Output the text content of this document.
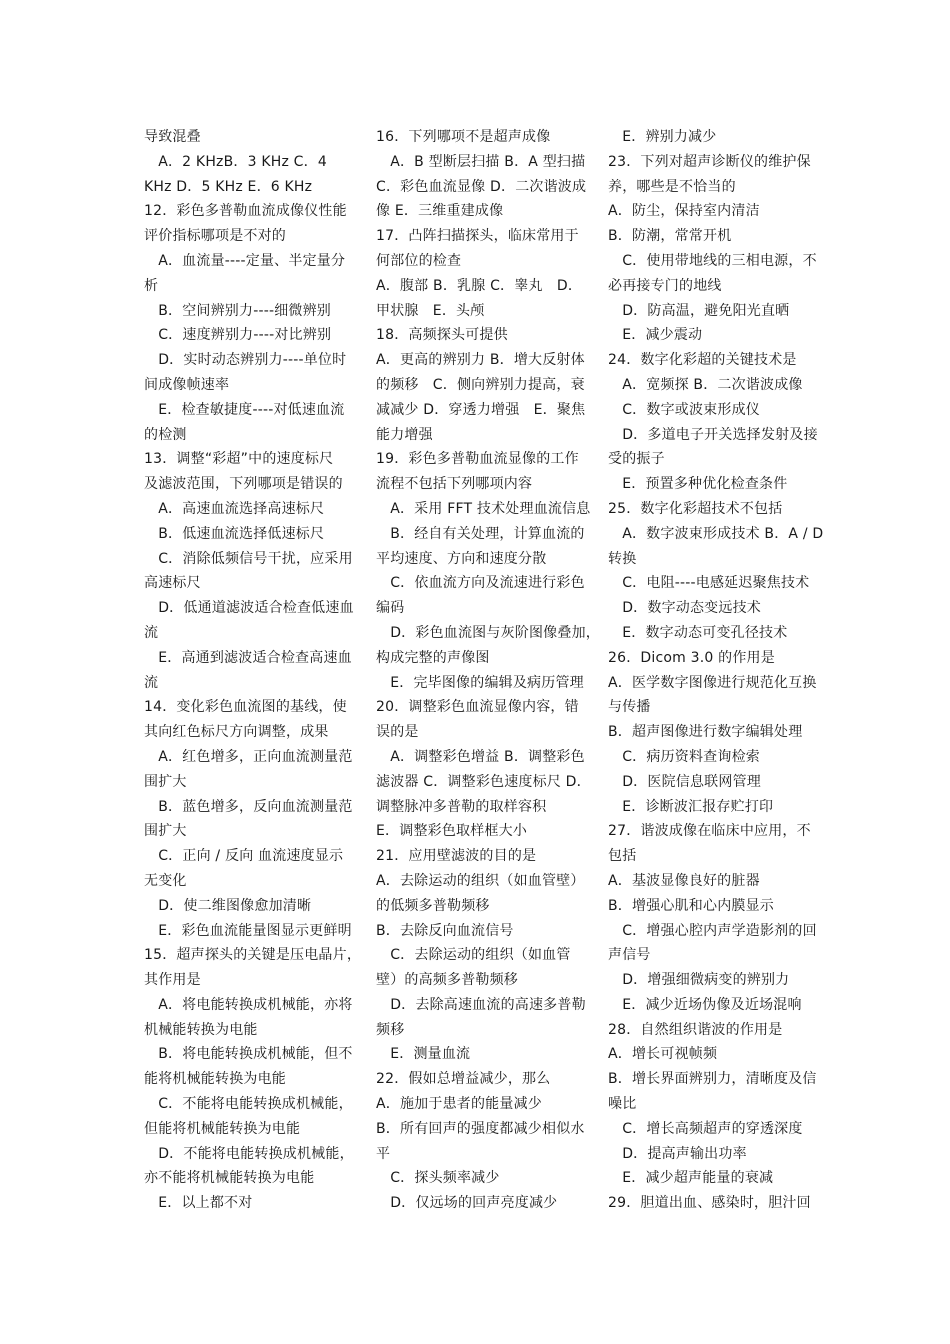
导致混叠
　A．2 KHzB．3 KHz C．4
KHz D．5 KHz E．6 KHz
12．彩色多普勒血流成像仪性能
评价指标哪项是不对的
　A．血流量----定量、半定量分
析
　B．空间辨别力----细微辨别
　C．速度辨别力----对比辨别
　D．实时动态辨别力----单位时
间成像帧速率
　E．检查敏捷度----对低速血流
的检测
13．调整“彩超”中的速度标尺
及滤波范围，下列哪项是错误的
　A．高速血流选择高速标尺
　B．低速血流选择低速标尺
　C．消除低频信号干扰，应采用
高速标尺
　D．低通道滤波适合检查低速血
流
　E．高通到滤波适合检查高速血
流
14．变化彩色血流图的基线，使
其向红色标尺方向调整，成果
　A．红色增多，正向血流测量范
围扩大
　B．蓝色增多，反向血流测量范
围扩大
　C．正向 / 反向 血流速度显示
无变化
　D．使二维图像愈加清晰
　E．彩色血流能量图显示更鲜明
15．超声探头的关键是压电晶片，
其作用是
　A．将电能转换成机械能，亦将
机械能转换为电能
　B．将电能转换成机械能，但不
能将机械能转换为电能
　C．不能将电能转换成机械能，
但能将机械能转换为电能
　D．不能将电能转换成机械能，
亦不能将机械能转换为电能
　E．以上都不对
16．下列哪项不是超声成像
　A．B 型断层扫描 B．A 型扫描
C．彩色血流显像 D．二次谐波成
像 E．三维重建成像
17．凸阵扫描探头，临床常用于
何部位的检查
A．腹部 B．乳腺 C．睾丸　D．
甲状腺　E．头颅
18．高频探头可提供
A．更高的辨别力 B．增大反射体
的频移　C．侧向辨别力提高，衰
减减少 D．穿透力增强　E．聚焦
能力增强
19．彩色多普勒血流显像的工作
流程不包括下列哪项内容
　A．采用 FFT 技术处理血流信息
　B．经自有关处理，计算血流的
平均速度、方向和速度分散
　C．依血流方向及流速进行彩色
编码
　D．彩色血流图与灰阶图像叠加，
构成完整的声像图
　E．完毕图像的编辑及病历管理
20．调整彩色血流显像内容，错
误的是
　A．调整彩色增益 B．调整彩色
滤波器 C．调整彩色速度标尺 D．
调整脉冲多普勒的取样容积
E．调整彩色取样框大小
21．应用壁滤波的目的是
A．去除运动的组织（如血管壁）
的低频多普勒频移
B．去除反向血流信号
　C．去除运动的组织（如血管
壁）的高频多普勒频移
　D．去除高速血流的高速多普勒
频移
　E．测量血流
22．假如总增益减少，那么
A．施加于患者的能量减少
B．所有回声的强度都减少相似水
平
　C．探头频率减少
　D．仅远场的回声亮度减少
　E．辨别力减少
23．下列对超声诊断仪的维护保
养，哪些是不恰当的
A．防尘，保持室内清洁
B．防潮，常常开机
　C．使用带地线的三相电源，不
必再接专门的地线
　D．防高温，避免阳光直晒
　E．减少震动
24．数字化彩超的关键技术是
　A．宽频探 B．二次谐波成像
　C．数字或波束形成仪
　D．多道电子开关选择发射及接
受的振子
　E．预置多种优化检查条件
25．数字化彩超技术不包括
　A．数字波束形成技术 B．A / D
转换
　C．电阻----电感延迟聚焦技术
　D．数字动态变远技术
　E．数字动态可变孔径技术
26．Dicom 3.0 的作用是
A．医学数字图像进行规范化互换
与传播
B．超声图像进行数字编辑处理
　C．病历资料查询检索
　D．医院信息联网管理
　E．诊断波汇报存贮打印
27．谐波成像在临床中应用，不
包括
A．基波显像良好的脏器
B．增强心肌和心内膜显示
　C．增强心腔内声学造影剂的回
声信号
　D．增强细微病变的辨别力
　E．减少近场伪像及近场混响
28．自然组织谐波的作用是
A．增长可视帧频
B．增长界面辨别力，清晰度及信
噪比
　C．增长高频超声的穿透深度
　D．提高声输出功率
　E．减少超声能量的衰减
29．胆道出血、感染时，胆汁回
